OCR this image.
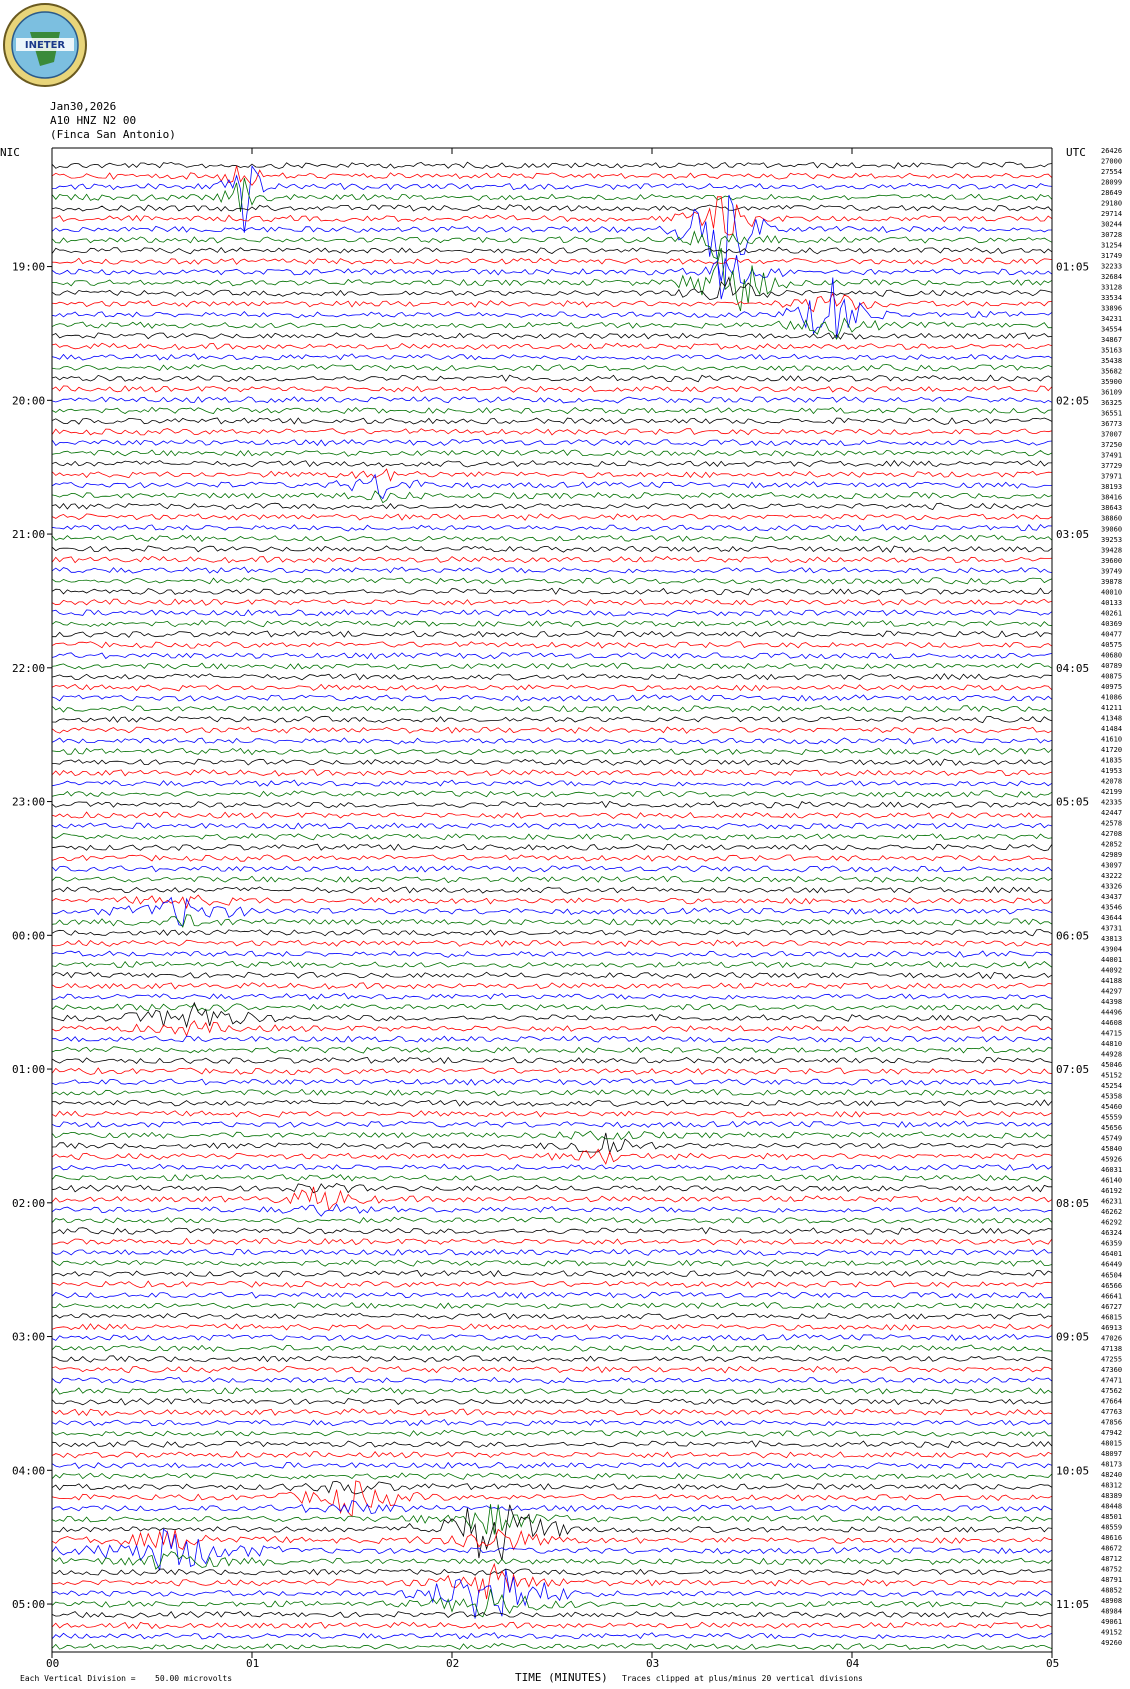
19:00
20:00
21:00
22:00
23:00
00:00
01:00
02:00
03:00
04:00
05:00
01:05
02:05
03:05
04:05
05:05
06:05
07:05
08:05
09:05
10:05
11:05
26426
27000
27554
28099
28649
29180
29714
30244
30728
31254
31749
32233
32684
33128
33534
33896
34231
34554
34867
35163
35438
35682
35900
36109
36325
36551
36773
37007
37250
37491
37729
37971
38193
38416
38643
38860
39060
39253
39428
39600
39749
39878
40010
40133
40261
40369
40477
40575
40680
40789
40875
40975
41086
41211
41348
41484
41610
41720
41835
41953
42078
42199
42335
42447
42578
42708
42852
42989
43097
43222
43326
43437
43546
43644
43731
43813
43904
44001
44092
44188
44297
44398
44496
44608
44715
44810
44928
45046
45152
45254
45358
45460
45559
45656
45749
45840
45926
46031
46140
46192
46231
46262
46292
46324
46359
46401
46449
46504
46566
46641
46727
46815
46913
47026
47138
47255
47360
47471
47562
47664
47763
47856
47942
48015
48097
48173
48240
48312
48389
48448
48501
48559
48616
48672
48712
48752
48791
48852
48908
48984
49061
49152
49260
00	01	02	03	04	05
NIC	UTC
TIME (MINUTES)
Each Vertical Division = 50.00 microvolts	Traces clipped at plus/minus 20 vertical divisions
INETER
Jan30,2026
A10 HNZ N2 00
(Finca San Antonio)
